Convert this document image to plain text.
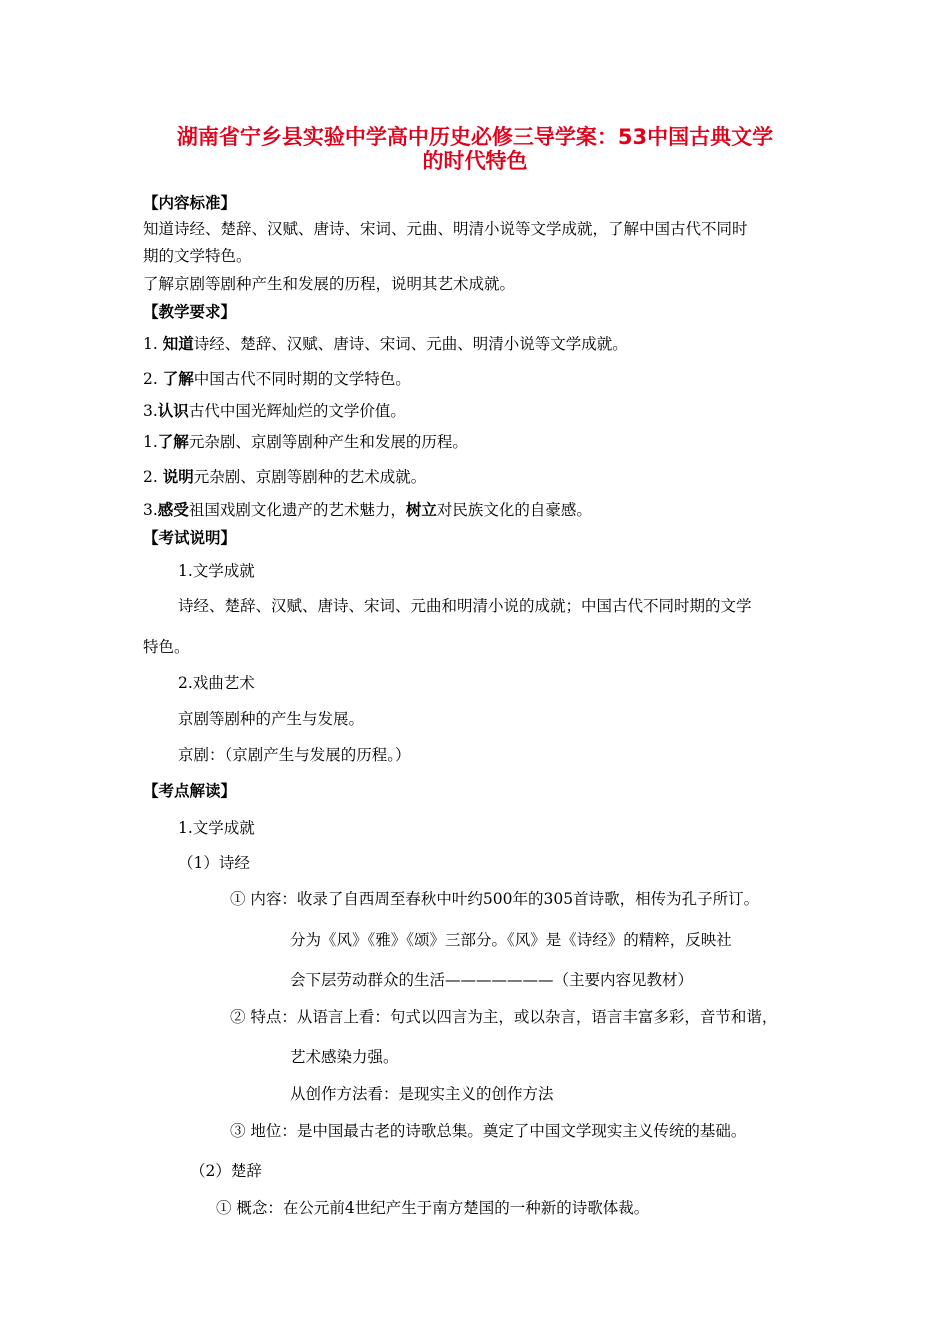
湖南省宁乡县实验中学高中历史必修三导学案：53中国古典文学
的时代特色
【内容标准】
知道诗经、楚辞、汉赋、唐诗、宋词、元曲、明清小说等文学成就，了解中国古代不同时
期的文学特色。
了解京剧等剧种产生和发展的历程，说明其艺术成就。
【教学要求】
1. 知道诗经、楚辞、汉赋、唐诗、宋词、元曲、明清小说等文学成就。
2. 了解中国古代不同时期的文学特色。
3.认识古代中国光辉灿烂的文学价值。
1.了解元杂剧、京剧等剧种产生和发展的历程。
2. 说明元杂剧、京剧等剧种的艺术成就。
3.感受祖国戏剧文化遗产的艺术魅力，树立对民族文化的自豪感。
【考试说明】
1.文学成就
诗经、楚辞、汉赋、唐诗、宋词、元曲和明清小说的成就；中国古代不同时期的文学
特色。
2.戏曲艺术
京剧等剧种的产生与发展。
京剧：（京剧产生与发展的历程。）
【考点解读】
1.文学成就
（1）诗经
① 内容：收录了自西周至春秋中叶约500年的305首诗歌，相传为孔子所订。
分为《风》《雅》《颂》三部分。《风》是《诗经》的精粹，反映社
会下层劳动群众的生活———————（主要内容见教材）
② 特点：从语言上看：句式以四言为主，或以杂言，语言丰富多彩，音节和谐，
艺术感染力强。
从创作方法看：是现实主义的创作方法
③ 地位：是中国最古老的诗歌总集。奠定了中国文学现实主义传统的基础。
（2）楚辞
① 概念：在公元前4世纪产生于南方楚国的一种新的诗歌体裁。
